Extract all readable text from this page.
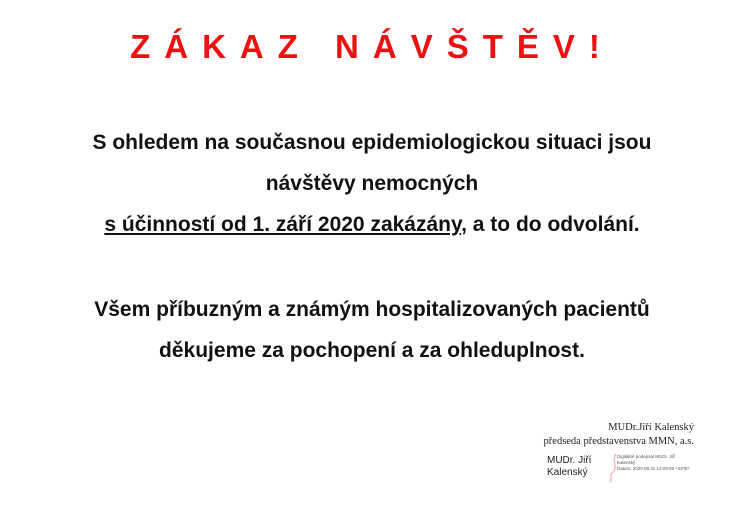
ZÁKAZ NÁVŠTĚV!
S ohledem na současnou epidemiologickou situaci jsou
návštěvy nemocných
s účinností od 1. září 2020 zakázány, a to do odvolání.
Všem příbuzným a známým hospitalizovaných pacientů
děkujeme za pochopení a za ohleduplnost.
MUDr.Jiří Kalenský
předseda představenstva MMN, a.s.
MUDr. Jiří
Kalenský
Digitálně podepsal MUDr. Jiří
Kalenský
Datum: 2020.08.31 13:09:08 +02'00'
